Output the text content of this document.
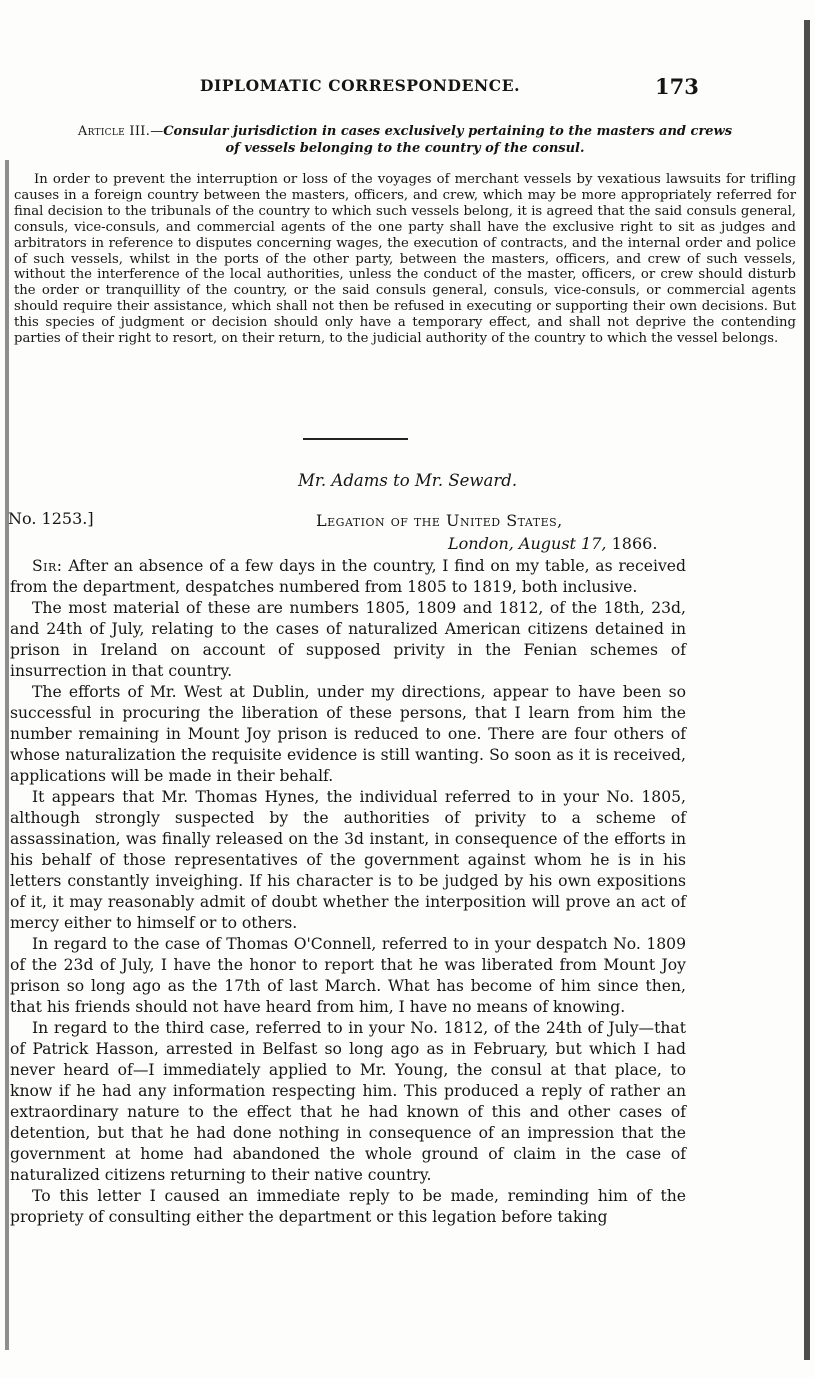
DIPLOMATIC CORRESPONDENCE.	173
Article III.—Consular jurisdiction in cases exclusively pertaining to the masters and crews
of vessels belonging to the country of the consul.

In order to prevent the interruption or loss of the voyages of merchant vessels by vexatious lawsuits for trifling causes in a foreign country between the masters, officers, and crew, which may be more appropriately referred for final decision to the tribunals of the country to which such vessels belong, it is agreed that the said consuls general, consuls, vice-consuls, and commercial agents of the one party shall have the exclusive right to sit as judges and arbitrators in reference to disputes concerning wages, the execution of contracts, and the internal order and police of such vessels, whilst in the ports of the other party, between the masters, officers, and crew of such vessels, without the interference of the local authorities, unless the conduct of the master, officers, or crew should disturb the order or tranquillity of the country, or the said consuls general, consuls, vice-consuls, or commercial agents should require their assistance, which shall not then be refused in executing or supporting their own decisions. But this species of judgment or decision should only have a temporary effect, and shall not deprive the contending parties of their right to resort, on their return, to the judicial authority of the country to which the vessel belongs.

Mr. Adams to Mr. Seward.
No. 1253.]	Legation of the United States,
London, August 17, 1866.

Sir: After an absence of a few days in the country, I find on my table, as received from the department, despatches numbered from 1805 to 1819, both inclusive.

The most material of these are numbers 1805, 1809 and 1812, of the 18th, 23d, and 24th of July, relating to the cases of naturalized American citizens detained in prison in Ireland on account of supposed privity in the Fenian schemes of insurrection in that country.

The efforts of Mr. West at Dublin, under my directions, appear to have been so successful in procuring the liberation of these persons, that I learn from him the number remaining in Mount Joy prison is reduced to one. There are four others of whose naturalization the requisite evidence is still wanting. So soon as it is received, applications will be made in their behalf.

It appears that Mr. Thomas Hynes, the individual referred to in your No. 1805, although strongly suspected by the authorities of privity to a scheme of assassination, was finally released on the 3d instant, in consequence of the efforts in his behalf of those representatives of the government against whom he is in his letters constantly inveighing. If his character is to be judged by his own expositions of it, it may reasonably admit of doubt whether the interposition will prove an act of mercy either to himself or to others.

In regard to the case of Thomas O'Connell, referred to in your despatch No. 1809 of the 23d of July, I have the honor to report that he was liberated from Mount Joy prison so long ago as the 17th of last March. What has become of him since then, that his friends should not have heard from him, I have no means of knowing.

In regard to the third case, referred to in your No. 1812, of the 24th of July—that of Patrick Hasson, arrested in Belfast so long ago as in February, but which I had never heard of—I immediately applied to Mr. Young, the consul at that place, to know if he had any information respecting him. This produced a reply of rather an extraordinary nature to the effect that he had known of this and other cases of detention, but that he had done nothing in consequence of an impression that the government at home had abandoned the whole ground of claim in the case of naturalized citizens returning to their native country.

To this letter I caused an immediate reply to be made, reminding him of the propriety of consulting either the department or this legation before taking
